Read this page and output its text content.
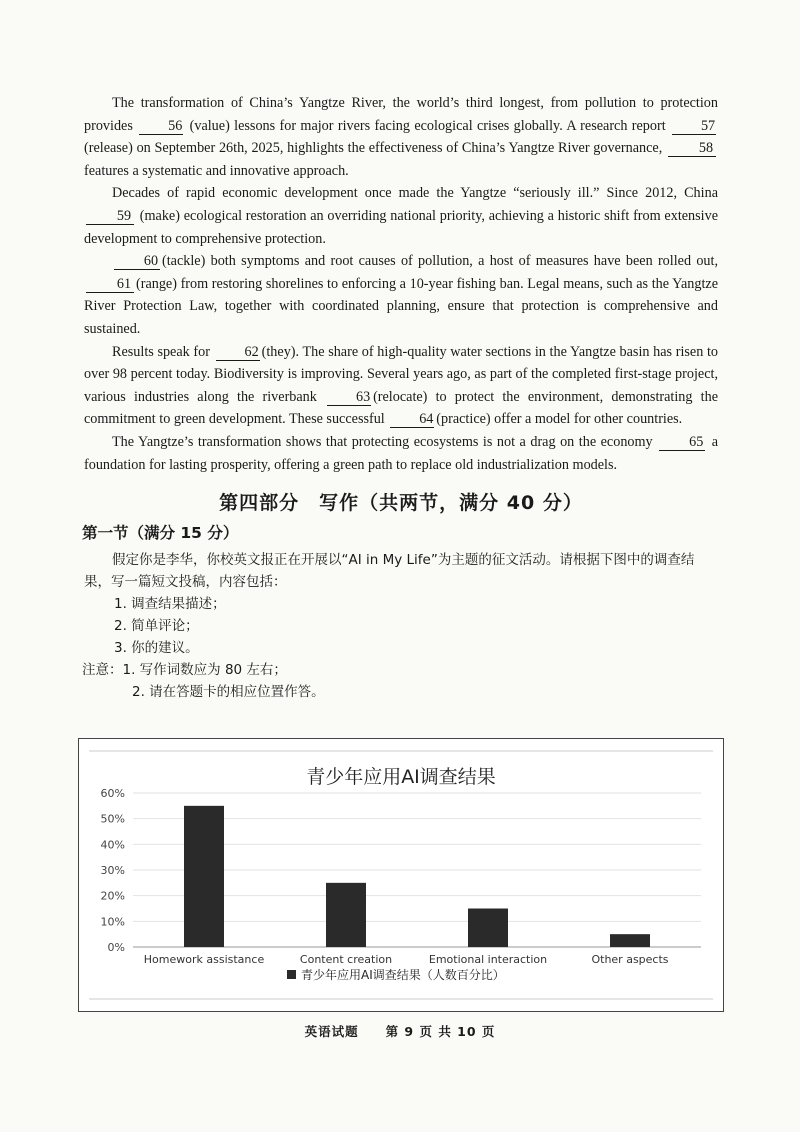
The transformation of China’s Yangtze River, the world’s third longest, from pollution to protection provides 56 (value) lessons for major rivers facing ecological crises globally. A research report 57 (release) on September 26th, 2025, highlights the effectiveness of China’s Yangtze River governance,	58 features a systematic and innovative approach.

Decades of rapid economic development once made the Yangtze “seriously ill.” Since 2012, China 59 (make) ecological restoration an overriding national priority, achieving a historic shift from extensive development to comprehensive protection.

60 (tackle) both symptoms and root causes of pollution, a host of measures have been rolled out, 61 (range) from restoring shorelines to enforcing a 10-year fishing ban. Legal means, such as the Yangtze River Protection Law, together with coordinated planning, ensure that protection is comprehensive and sustained.

Results speak for 62 (they). The share of high-quality water sections in the Yangtze basin has risen to over 98 percent today. Biodiversity is improving. Several years ago, as part of the completed first-stage project, various industries along the riverbank	63 (relocate) to protect the environment, demonstrating the commitment to green development. These successful 64 (practice) offer a model for other countries.

The Yangtze’s transformation shows that protecting ecosystems is not a drag on the economy	65 a foundation for lasting prosperity, offering a green path to replace old industrialization models.

第四部分　写作（共两节，满分 40 分）
第一节（满分 15 分）

假定你是李华，你校英文报正在开展以“AI in My Life”为主题的征文活动。请根据下图中的调查结果，写一篇短文投稿，内容包括：

1. 调查结果描述；

2. 简单评论；

3. 你的建议。

注意：1. 写作词数应为 80 左右；

2. 请在答题卡的相应位置作答。

青少年应用AI调查结果
0%
10%
20%
30%
40%
50%
60%
Homework assistance	Content creation	Emotional interaction	Other aspects
青少年应用AI调查结果（人数百分比）
英语试题　　第 9 页 共 10 页
